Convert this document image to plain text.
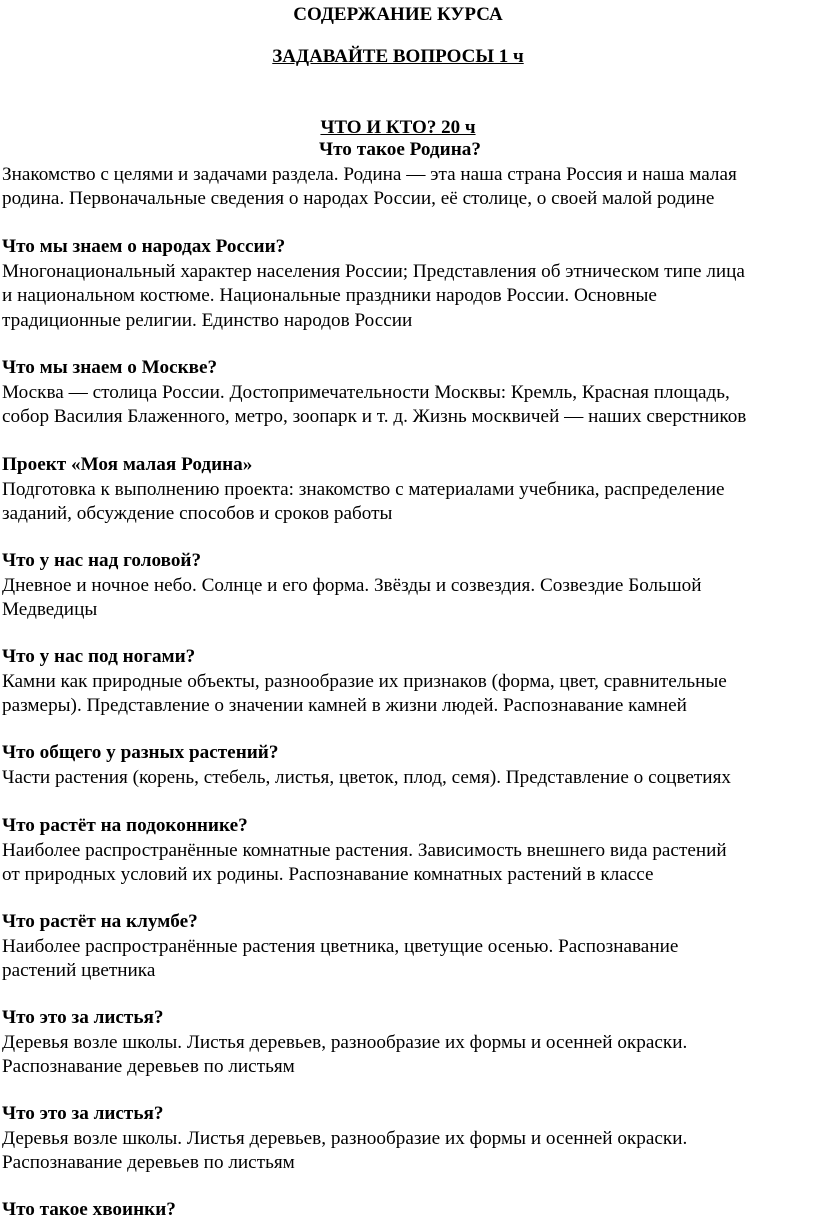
СОДЕРЖАНИЕ КУРСА
ЗАДАВАЙТЕ ВОПРОСЫ 1 ч
ЧТО И КТО? 20 ч
Что такое Родина?
Знакомство с целями и задачами раздела. Родина — эта наша страна Россия и наша малая
родина. Первоначальные сведения о народах России, её столице, о своей малой родине
Что мы знаем о народах России?
Многонациональный характер населения России; Представления об этническом типе лица
и национальном костюме. Национальные праздники народов России. Основные
традиционные религии. Единство народов России
Что мы знаем о Москве?
Москва — столица России. Достопримечательности Москвы: Кремль, Красная площадь,
собор Василия Блаженного, метро, зоопарк и т. д. Жизнь москвичей — наших сверстников
Проект «Моя малая Родина»
Подготовка к выполнению проекта: знакомство с материалами учебника, распределение
заданий, обсуждение способов и сроков работы
Что у нас над головой?
Дневное и ночное небо. Солнце и его форма. Звёзды и созвездия. Созвездие Большой
Медведицы
Что у нас под ногами?
Камни как природные объекты, разнообразие их признаков (форма, цвет, сравнительные
размеры). Представление о значении камней в жизни людей. Распознавание камней
Что общего у разных растений?
Части растения (корень, стебель, листья, цветок, плод, семя). Представление о соцветиях
Что растёт на подоконнике?
Наиболее распространённые комнатные растения. Зависимость внешнего вида растений
от природных условий их родины. Распознавание комнатных растений в классе
Что растёт на клумбе?
Наиболее распространённые растения цветника, цветущие осенью. Распознавание
растений цветника
Что это за листья?
Деревья возле школы. Листья деревьев, разнообразие их формы и осенней окраски.
Распознавание деревьев по листьям
Что это за листья?
Деревья возле школы. Листья деревьев, разнообразие их формы и осенней окраски.
Распознавание деревьев по листьям
Что такое хвоинки?
